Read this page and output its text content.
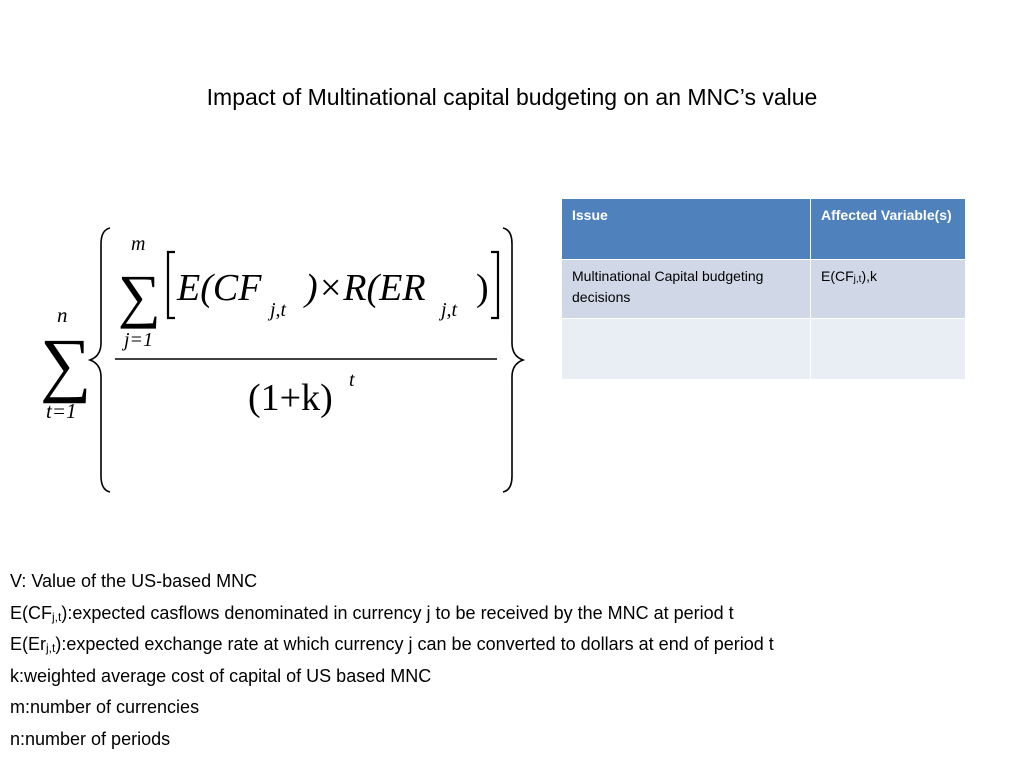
Impact of Multinational capital budgeting on an MNC’s value
∑
n
t=1
∑
m
j=1
E(CF
j,t
)×R(ER
j,t
)
(1+k) t
Issue	Affected Variable(s)
Multinational Capital budgeting decisions	$E(CF_{j,t}),k$

V: Value of the US-based MNC
$E(CF_{j,t}):expected$ casflows denominated in currency j to be received by the MNC at period t
$E(Er_{j,t}):expected$ exchange rate at which currency j can be converted to dollars at end of period t
k:weighted average cost of capital of US based MNC
m:number of currencies
n:number of periods
